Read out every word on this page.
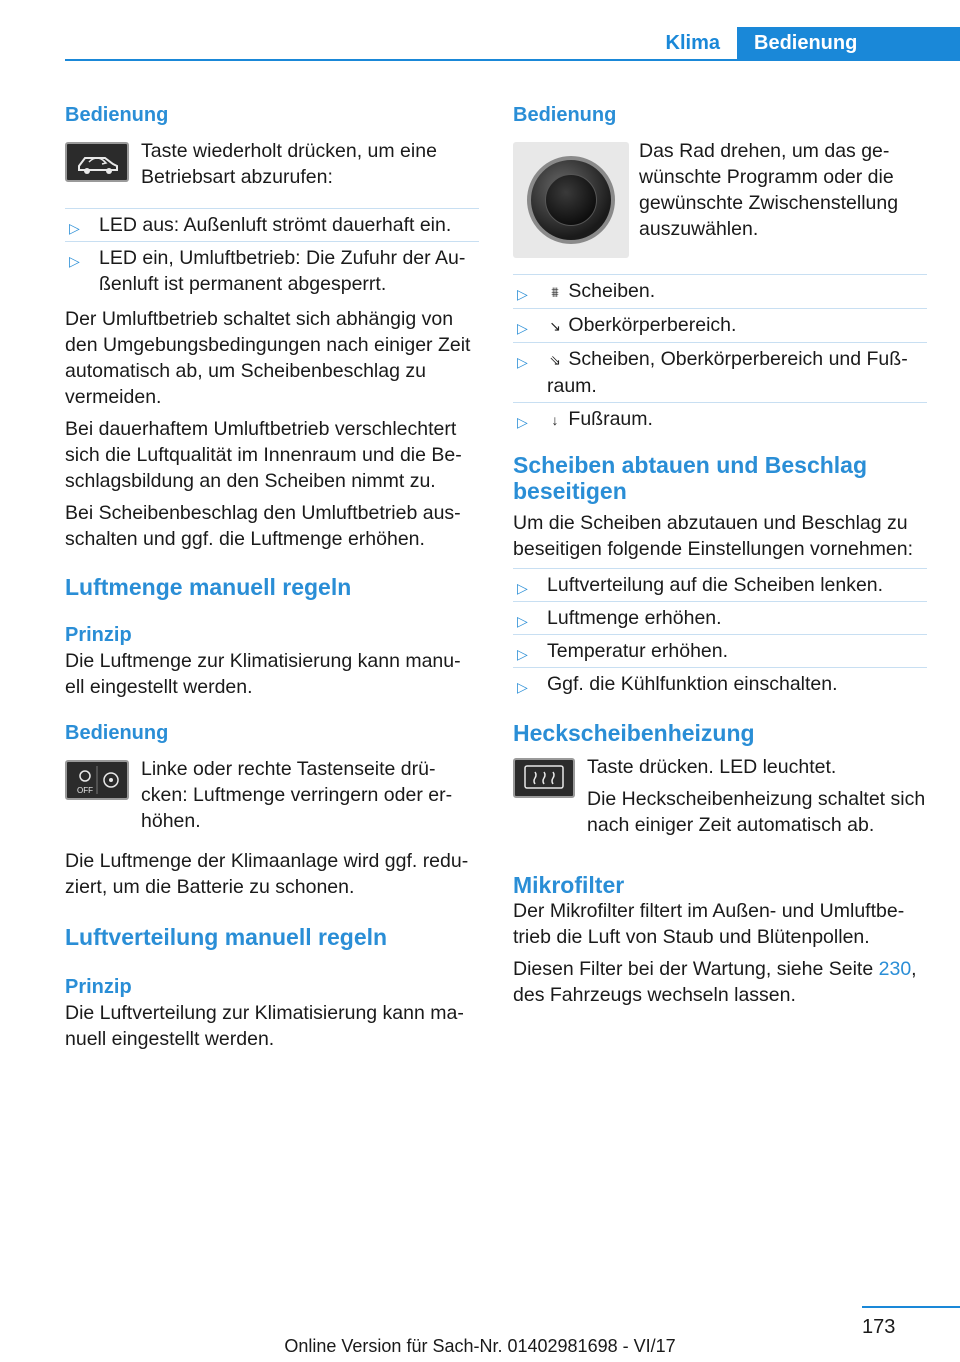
Klima	Bedienung
Bedienung

Taste wiederholt drücken, um eine Betriebsart abzurufen:

▷ LED aus: Außenluft strömt dauerhaft ein.
▷ LED ein, Umluftbetrieb: Die Zufuhr der Au-ßenluft ist permanent abgesperrt.

Der Umluftbetrieb schaltet sich abhängig von den Umgebungsbedingungen nach einiger Zeit automatisch ab, um Scheibenbeschlag zu vermeiden.

Bei dauerhaftem Umluftbetrieb verschlechtert sich die Luftqualität im Innenraum und die Be-schlagsbildung an den Scheiben nimmt zu.

Bei Scheibenbeschlag den Umluftbetrieb aus-schalten und ggf. die Luftmenge erhöhen.

Luftmenge manuell regeln
Prinzip

Die Luftmenge zur Klimatisierung kann manu-ell eingestellt werden.

Bedienung
OFF

Linke oder rechte Tastenseite drü-cken: Luftmenge verringern oder er-höhen.

Die Luftmenge der Klimaanlage wird ggf. redu-ziert, um die Batterie zu schonen.

Luftverteilung manuell regeln
Prinzip

Die Luftverteilung zur Klimatisierung kann ma-nuell eingestellt werden.

Bedienung

Das Rad drehen, um das ge-wünschte Programm oder die gewünschte Zwischenstellung auszuwählen.

▷ ⩩ Scheiben.
▷ ↘ Oberkörperbereich.
▷ ⇘ Scheiben, Oberkörperbereich und Fuß-raum.
▷ ↓ Fußraum.
Scheiben abtauen und Beschlag beseitigen

Um die Scheiben abzutauen und Beschlag zu beseitigen folgende Einstellungen vornehmen:

▷ Luftverteilung auf die Scheiben lenken.
▷ Luftmenge erhöhen.
▷ Temperatur erhöhen.
▷ Ggf. die Kühlfunktion einschalten.
Heckscheibenheizung

Taste drücken. LED leuchtet.

Die Heckscheibenheizung schaltet sich nach einiger Zeit automatisch ab.

Mikrofilter

Der Mikrofilter filtert im Außen- und Umluftbe-trieb die Luft von Staub und Blütenpollen.

Diesen Filter bei der Wartung, siehe Seite 230, des Fahrzeugs wechseln lassen.

173
Online Version für Sach-Nr. 01402981698 - VI/17
